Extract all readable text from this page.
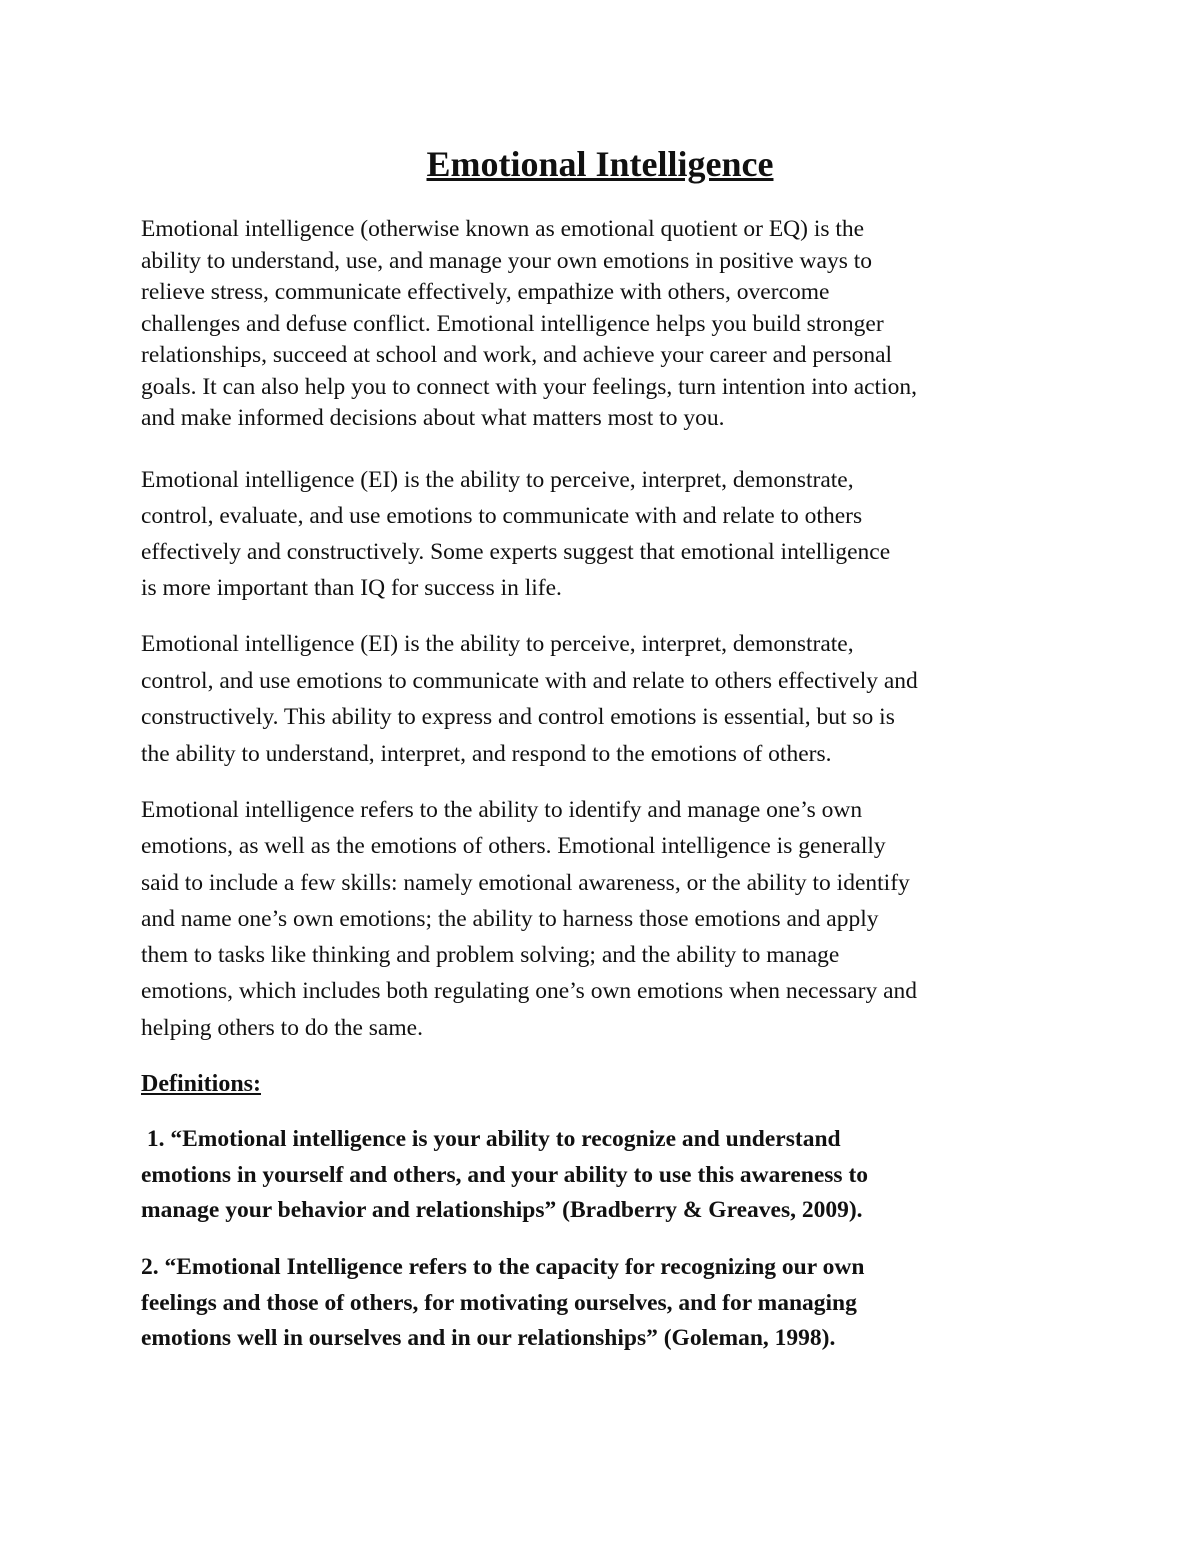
Emotional Intelligence

Emotional intelligence (otherwise known as emotional quotient or EQ) is the
ability to understand, use, and manage your own emotions in positive ways to
relieve stress, communicate effectively, empathize with others, overcome
challenges and defuse conflict. Emotional intelligence helps you build stronger
relationships, succeed at school and work, and achieve your career and personal
goals. It can also help you to connect with your feelings, turn intention into action,
and make informed decisions about what matters most to you.

Emotional intelligence (EI) is the ability to perceive, interpret, demonstrate,
control, evaluate, and use emotions to communicate with and relate to others
effectively and constructively. Some experts suggest that emotional intelligence
is more important than IQ for success in life.

Emotional intelligence (EI) is the ability to perceive, interpret, demonstrate,
control, and use emotions to communicate with and relate to others effectively and
constructively. This ability to express and control emotions is essential, but so is
the ability to understand, interpret, and respond to the emotions of others.

Emotional intelligence refers to the ability to identify and manage one’s own
emotions, as well as the emotions of others. Emotional intelligence is generally
said to include a few skills: namely emotional awareness, or the ability to identify
and name one’s own emotions; the ability to harness those emotions and apply
them to tasks like thinking and problem solving; and the ability to manage
emotions, which includes both regulating one’s own emotions when necessary and
helping others to do the same.

Definitions:

1. “Emotional intelligence is your ability to recognize and understand
emotions in yourself and others, and your ability to use this awareness to
manage your behavior and relationships” (Bradberry & Greaves, 2009).

2. “Emotional Intelligence refers to the capacity for recognizing our own
feelings and those of others, for motivating ourselves, and for managing
emotions well in ourselves and in our relationships” (Goleman, 1998).
